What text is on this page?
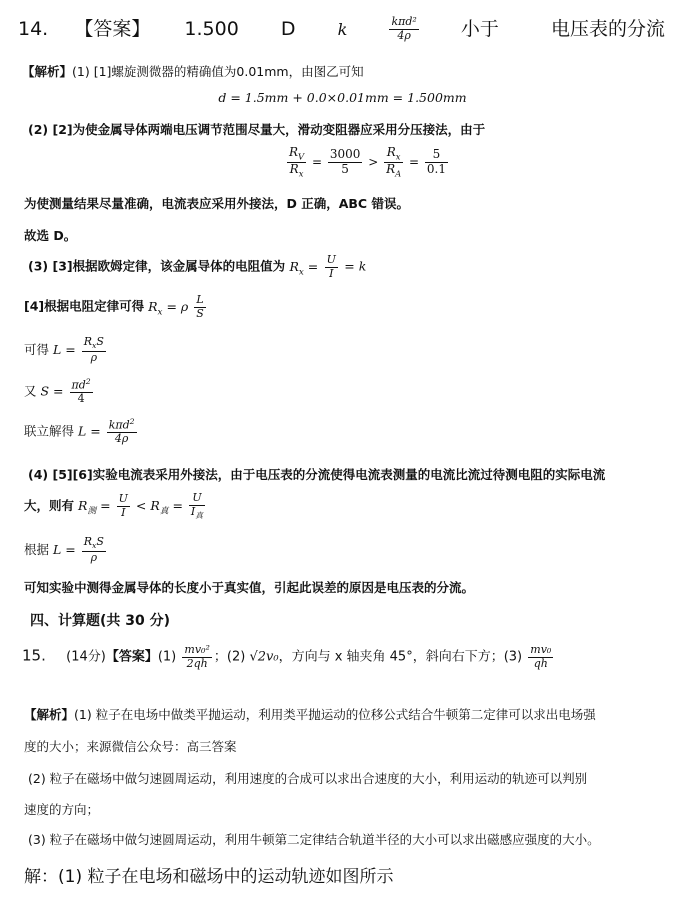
14. 【答案】 1.500 D	k	$\frac{\text{kπd²}}{4\rho}$ 小于	电压表的分流
【解析】(1) [1]螺旋测微器的精确值为0.01mm，由图乙可知
d = 1.5mm + 0.0×0.01mm = 1.500mm
(2) [2]为使金属导体两端电压调节范围尽量大，滑动变阻器应采用分压接法，由于
$\frac{R_V}{R_x} = \frac{3000}{5} > \frac{R_x}{R_A} = \frac{5}{0.1}$
为使测量结果尽量准确，电流表应采用外接法，D 正确，ABC 错误。
故选 D。
(3) [3]根据欧姆定律，该金属导体的电阻值为 $R_x = \frac{U}{I} = k$
[4]根据电阻定律可得 $R_x = \rho \frac{L}{S}$
可得 $L = \frac{R_xS}{\rho}$
又 $S = \frac{\pi d^2}{4}$
联立解得 $L = \frac{k\pi d^2}{4\rho}$
(4) [5][6]实验电流表采用外接法，由于电压表的分流使得电流表测量的电流比流过待测电阻的实际电流
大，则有 $R_测 = \frac{U}{I} < R_真 = \frac{U}{I_真}$
根据 $L = \frac{R_xS}{\rho}$
可知实验中测得金属导体的长度小于真实值，引起此误差的原因是电压表的分流。
四、计算题(共 30 分)
15. (14分)【答案】$(1) \frac{\text{mv₀²}}{2qh}$ ；(2) √2v₀，方向与 x 轴夹角 45°，斜向右下方；$(3) \frac{\text{mv₀}}{qh}$
【解析】(1) 粒子在电场中做类平抛运动，利用类平抛运动的位移公式结合牛顿第二定律可以求出电场强
度的大小；来源微信公众号：高三答案
(2) 粒子在磁场中做匀速圆周运动，利用速度的合成可以求出合速度的大小，利用运动的轨迹可以判别
速度的方向；
(3) 粒子在磁场中做匀速圆周运动，利用牛顿第二定律结合轨道半径的大小可以求出磁感应强度的大小。
解：(1) 粒子在电场和磁场中的运动轨迹如图所示
